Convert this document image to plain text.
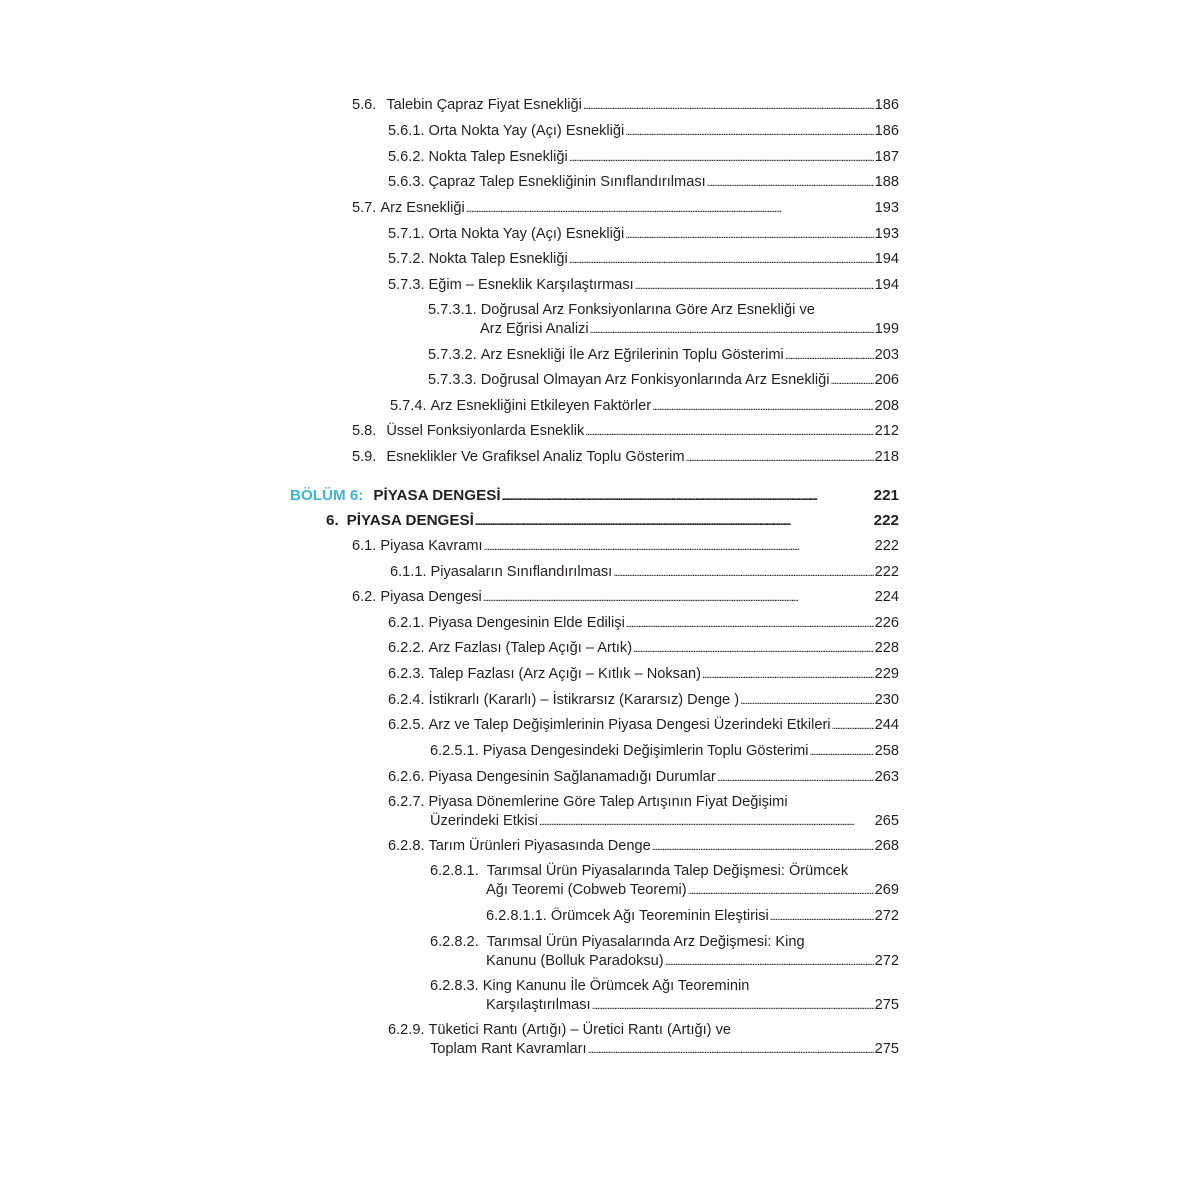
5.6. Talebin Çapraz Fiyat Esnekliği . . .	186
5.6.1. Orta Nokta Yay (Açı) Esnekliği . . .	186
5.6.2. Nokta Talep Esnekliği . . .	187
5.6.3. Çapraz Talep Esnekliğinin Sınıflandırılması . . .	188
5.7. Arz Esnekliği . . .	193
5.7.1. Orta Nokta Yay (Açı) Esnekliği . . .	193
5.7.2. Nokta Talep Esnekliği . . .	194
5.7.3. Eğim – Esneklik Karşılaştırması . . .	194
5.7.3.1. Doğrusal Arz Fonksiyonlarına Göre Arz Esnekliği ve
Arz Eğrisi Analizi . . .	199
5.7.3.2. Arz Esnekliği İle Arz Eğrilerinin Toplu Gösterimi . . .	203
5.7.3.3. Doğrusal Olmayan Arz Fonkisyonlarında Arz Esnekliği . . .	206
5.7.4. Arz Esnekliğini Etkileyen Faktörler . . .	208
5.8. Üssel Fonksiyonlarda Esneklik . . .	212
5.9. Esneklikler Ve Grafiksel Analiz Toplu Gösterim . . .	218
BÖLÜM 6: PİYASA DENGESİ . . .	221
6. PİYASA DENGESİ . . .	222
6.1. Piyasa Kavramı . . .	222
6.1.1. Piyasaların Sınıflandırılması . . .	222
6.2. Piyasa Dengesi . . .	224
6.2.1. Piyasa Dengesinin Elde Edilişi . . .	226
6.2.2. Arz Fazlası (Talep Açığı – Artık) . . .	228
6.2.3. Talep Fazlası (Arz Açığı – Kıtlık – Noksan) . . .	229
6.2.4. İstikrarlı (Kararlı) – İstikrarsız (Kararsız) Denge ) . . .	230
6.2.5. Arz ve Talep Değişimlerinin Piyasa Dengesi Üzerindeki Etkileri . . .	244
6.2.5.1. Piyasa Dengesindeki Değişimlerin Toplu Gösterimi . . .	258
6.2.6. Piyasa Dengesinin Sağlanamadığı Durumlar . . .	263
6.2.7. Piyasa Dönemlerine Göre Talep Artışının Fiyat Değişimi
Üzerindeki Etkisi . . .	265
6.2.8. Tarım Ürünleri Piyasasında Denge . . .	268
6.2.8.1. Tarımsal Ürün Piyasalarında Talep Değişmesi: Örümcek
Ağı Teoremi (Cobweb Teoremi) . . .	269
6.2.8.1.1. Örümcek Ağı Teoreminin Eleştirisi . . .	272
6.2.8.2. Tarımsal Ürün Piyasalarında Arz Değişmesi: King
Kanunu (Bolluk Paradoksu) . . .	272
6.2.8.3. King Kanunu İle Örümcek Ağı Teoreminin
Karşılaştırılması . . .	275
6.2.9. Tüketici Rantı (Artığı) – Üretici Rantı (Artığı) ve
Toplam Rant Kavramları . . .	275
